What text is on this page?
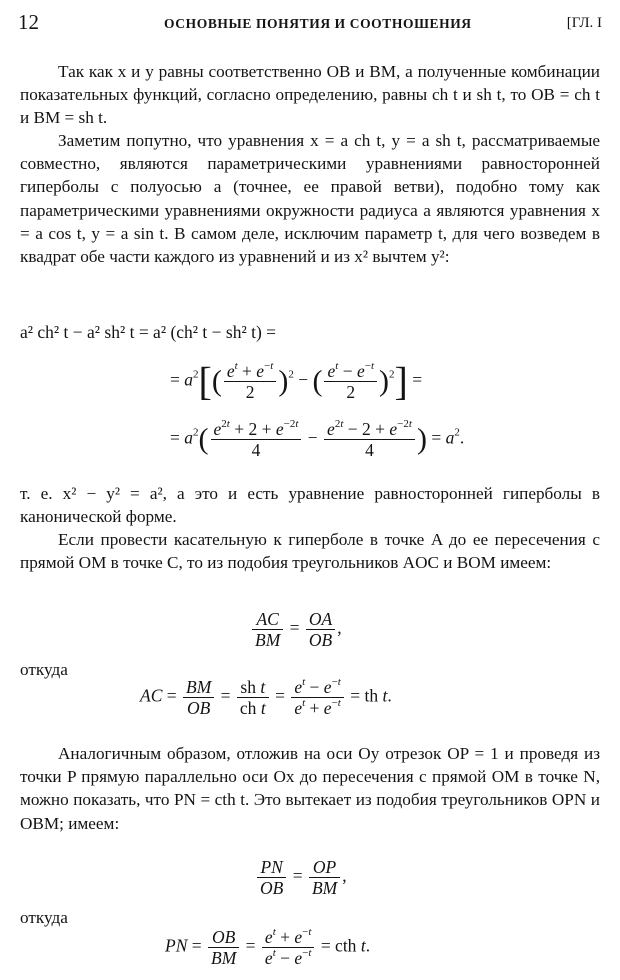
12	ОСНОВНЫЕ ПОНЯТИЯ И СООТНОШЕНИЯ	[ГЛ. I
Так как x и y равны соответственно OB и BM, а полученные комбинации показательных функций, согласно определению, равны ch t и sh t, то OB = ch t и BM = sh t.
Заметим попутно, что уравнения x = a ch t, y = a sh t, рассматриваемые совместно, являются параметрическими уравнениями равносторонней гиперболы с полуосью a (точнее, ее правой ветви), подобно тому как параметрическими уравнениями окружности радиуса a являются уравнения x = a cos t, y = a sin t. В самом деле, исключим параметр t, для чего возведем в квадрат обе части каждого из уравнений и из x² вычтем y²:
a² ch² t − a² sh² t = a² (ch² t − sh² t) =
= $a^2[( \frac{e^t + e^{-t}}{2} )^2$ − ( $\frac{e^t - e^{-t}}{2} )^2$] =
= $a^2( \frac{e^{2t} + 2 + e^{-2t}}{4} - \frac{e^{2t} - 2 + e^{-2t}}{4}$ ) = $a^2$.
т. е. x² − y² = a², а это и есть уравнение равносторонней гиперболы в канонической форме.
Если провести касательную к гиперболе в точке A до ее пересечения с прямой OM в точке C, то из подобия треугольников AOC и BOM имеем:
$\frac{AC}{BM} = \frac{OA}{OB}$ ,
откуда
AC = $\frac{BM}{OB} = \frac{\text{sh t}}{\text{ch t}} = \frac{e^t - e^{-t}}{e^t + e^{-t}}$ = th t.
Аналогичным образом, отложив на оси Oy отрезок OP = 1 и проведя из точки P прямую параллельно оси Ox до пересечения с прямой OM в точке N, можно показать, что PN = cth t. Это вытекает из подобия треугольников OPN и OBM; имеем:
$\frac{PN}{OB} = \frac{OP}{BM}$ ,
откуда
PN = $\frac{OB}{BM} = \frac{e^t + e^{-t}}{e^t - e^{-t}}$ = cth t.
